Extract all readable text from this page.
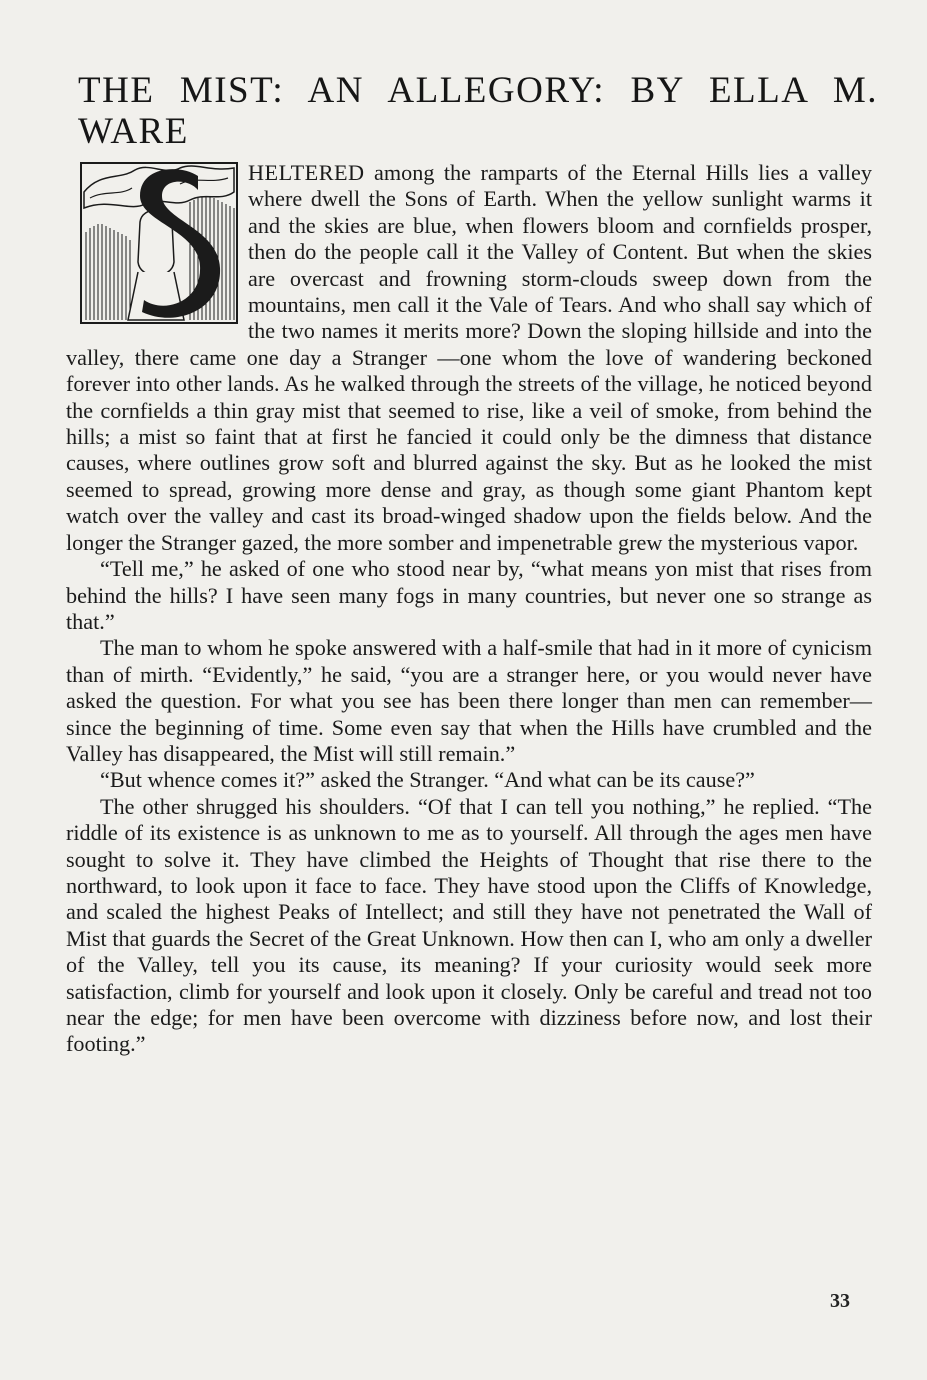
THE MIST: AN ALLEGORY: BY ELLA M. WARE

HELTERED among the ramparts of the Eternal Hills lies a valley where dwell the Sons of Earth. When the yellow sunlight warms it and the skies are blue, when flowers bloom and cornfields prosper, then do the people call it the Valley of Content. But when the skies are overcast and frowning storm-clouds sweep down from the mountains, men call it the Vale of Tears. And who shall say which of the two names it merits more? Down the sloping hillside and into the valley, there came one day a Stranger —one whom the love of wandering beckoned forever into other lands. As he walked through the streets of the village, he noticed beyond the cornfields a thin gray mist that seemed to rise, like a veil of smoke, from behind the hills; a mist so faint that at first he fancied it could only be the dimness that distance causes, where outlines grow soft and blurred against the sky. But as he looked the mist seemed to spread, growing more dense and gray, as though some giant Phantom kept watch over the valley and cast its broad-winged shadow upon the fields below. And the longer the Stranger gazed, the more somber and impenetrable grew the mysterious vapor.

“Tell me,” he asked of one who stood near by, “what means yon mist that rises from behind the hills? I have seen many fogs in many countries, but never one so strange as that.”

The man to whom he spoke answered with a half-smile that had in it more of cynicism than of mirth. “Evidently,” he said, “you are a stranger here, or you would never have asked the question. For what you see has been there longer than men can remember—since the beginning of time. Some even say that when the Hills have crumbled and the Valley has disappeared, the Mist will still remain.”

“But whence comes it?” asked the Stranger. “And what can be its cause?”

The other shrugged his shoulders. “Of that I can tell you nothing,” he replied. “The riddle of its existence is as unknown to me as to yourself. All through the ages men have sought to solve it. They have climbed the Heights of Thought that rise there to the northward, to look upon it face to face. They have stood upon the Cliffs of Knowledge, and scaled the highest Peaks of Intellect; and still they have not penetrated the Wall of Mist that guards the Secret of the Great Unknown. How then can I, who am only a dweller of the Valley, tell you its cause, its meaning? If your curiosity would seek more satisfaction, climb for yourself and look upon it closely. Only be careful and tread not too near the edge; for men have been overcome with dizziness before now, and lost their footing.”

33
